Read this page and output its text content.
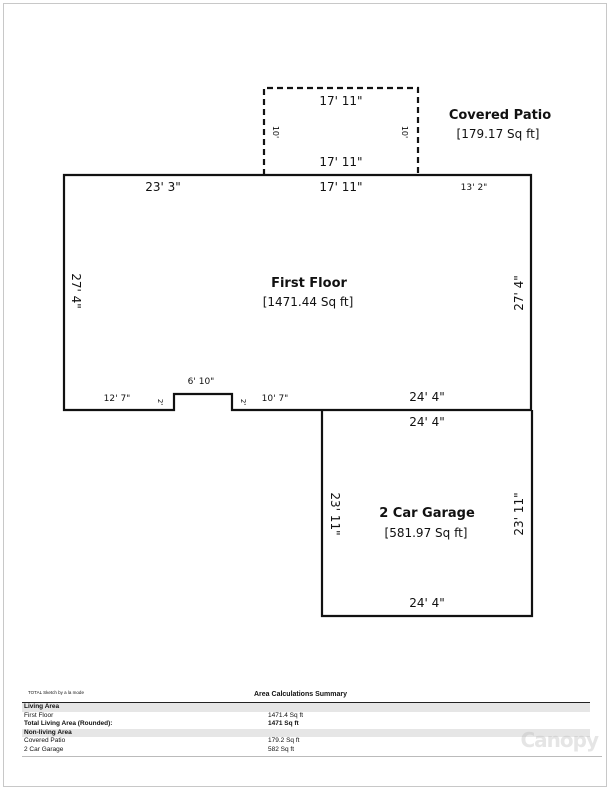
17' 11"
17' 11"
10'	10'
Covered Patio
[179.17 Sq ft]
23' 3"	17' 11"	13' 2"
27' 4"	27' 4"
First Floor
[1471.44 Sq ft]
12' 7"
6' 10"
2'	2' 10' 7"	24' 4"
24' 4"
23' 11"	23' 11"
2 Car Garage
[581.97 Sq ft]
24' 4"
TOTAL Sketch by a la mode	Area Calculations Summary
Living Area
First Floor	1471.4 Sq ft
Total Living Area (Rounded):	1471 Sq ft
Non-living Area
Covered Patio	179.2 Sq ft
2 Car Garage	582 Sq ft	Canopy
